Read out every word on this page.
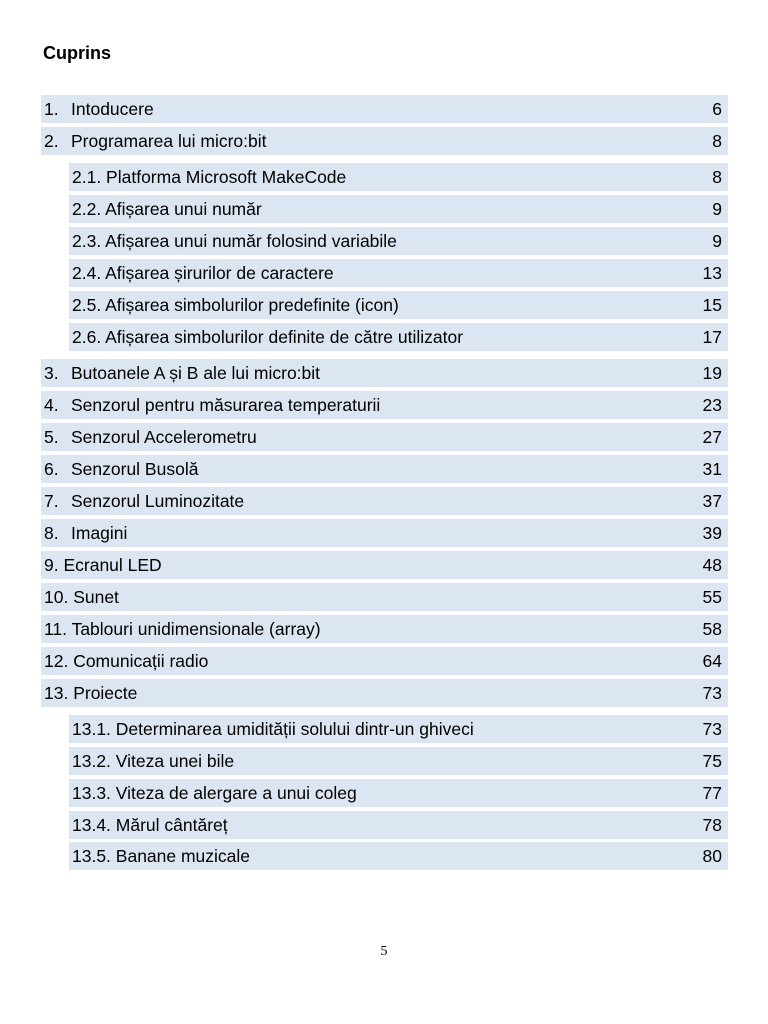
Cuprins
1. Intoducere	6
2. Programarea lui micro:bit	8
2.1. Platforma Microsoft MakeCode	8
2.2. Afișarea unui număr	9
2.3. Afișarea unui număr folosind variabile	9
2.4. Afișarea șirurilor de caractere	13
2.5. Afișarea simbolurilor predefinite (icon)	15
2.6. Afișarea simbolurilor definite de către utilizator	17
3. Butoanele A și B ale lui micro:bit	19
4. Senzorul pentru măsurarea temperaturii	23
5. Senzorul Accelerometru	27
6. Senzorul Busolă	31
7. Senzorul Luminozitate	37
8. Imagini	39
9. Ecranul LED	48
10. Sunet	55
11. Tablouri unidimensionale (array)	58
12. Comunicații radio	64
13. Proiecte	73
13.1. Determinarea umidității solului dintr-un ghiveci	73
13.2. Viteza unei bile	75
13.3. Viteza de alergare a unui coleg	77
13.4. Mărul cântăreț	78
13.5. Banane muzicale	80
5
